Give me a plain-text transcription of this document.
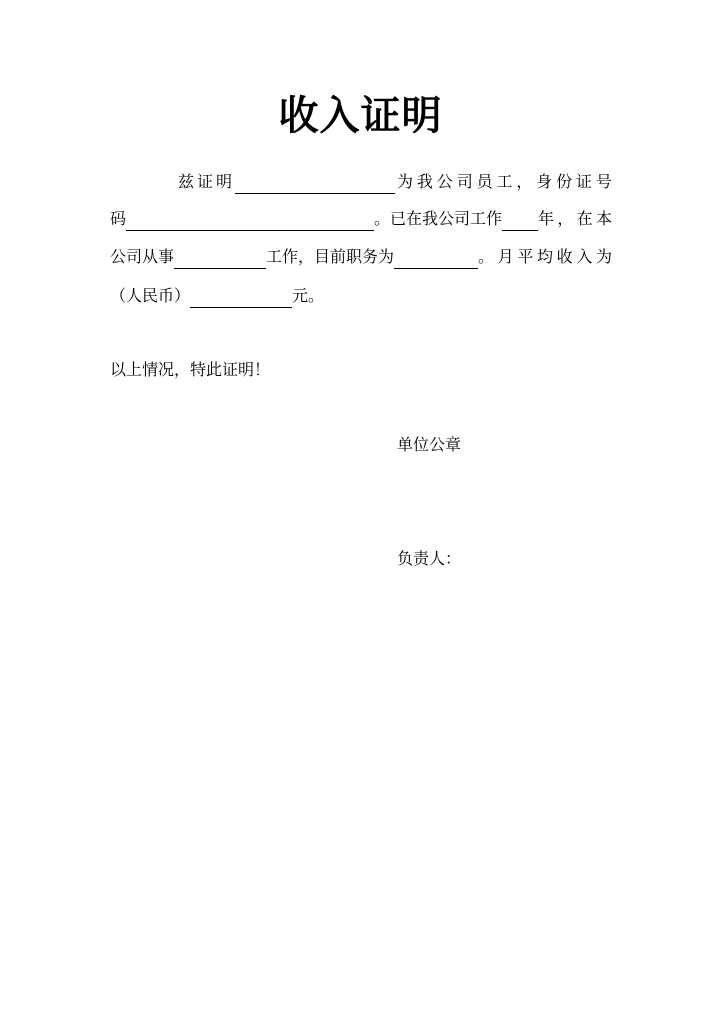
收入证明
兹证明	为 我 公 司 员 工 ， 身 份 证 号
码	。已在我公司工作 年，在本
公司从事	工作，目前职务为	。月平均收入为
（人民币）	元。
以上情况，特此证明！
单位公章
负责人：
